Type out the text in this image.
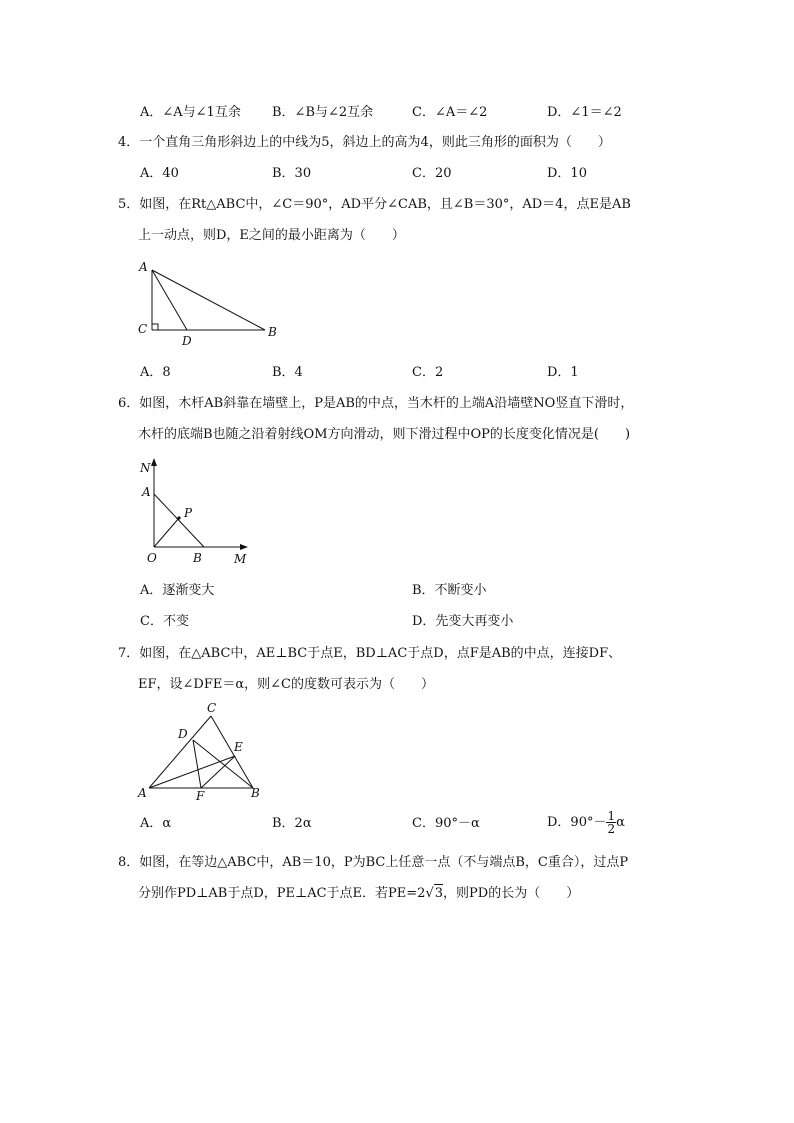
A．∠A与∠1互余 B．∠B与∠2互余	C．∠A＝∠2	D．∠1＝∠2
4．一个直角三角形斜边上的中线为5，斜边上的高为4，则此三角形的面积为（　　）
A．40	B．30	C．20	D．10
5．如图，在Rt△ABC中，∠C＝90°，AD平分∠CAB，且∠B＝30°，AD＝4，点E是AB
上一动点，则D，E之间的最小距离为（　　）
A
C
D
B
A．8	B．4	C．2	D．1
6．如图，木杆AB斜靠在墙壁上，P是AB的中点，当木杆的上端A沿墙壁NO竖直下滑时，
木杆的底端B也随之沿着射线OM方向滑动，则下滑过程中OP的长度变化情况是(　　)
N
A
P
O	B	M
A．逐渐变大	B．不断变小
C．不变	D．先变大再变小
7．如图，在△ABC中，AE⊥BC于点E，BD⊥AC于点D，点F是AB的中点，连接DF、
EF，设∠DFE＝α，则∠C的度数可表示为（　　）
C
D
E
A	F	B
A．α	B．2α	C．90°－α	D．$90^\circ- \frac{1}{2}$ α
8．如图，在等边△ABC中，AB＝10，P为BC上任意一点（不与端点B，C重合），过点P
分别作PD⊥AB于点D，PE⊥AC于点E．若PE=2√3，则PD的长为（　　）
